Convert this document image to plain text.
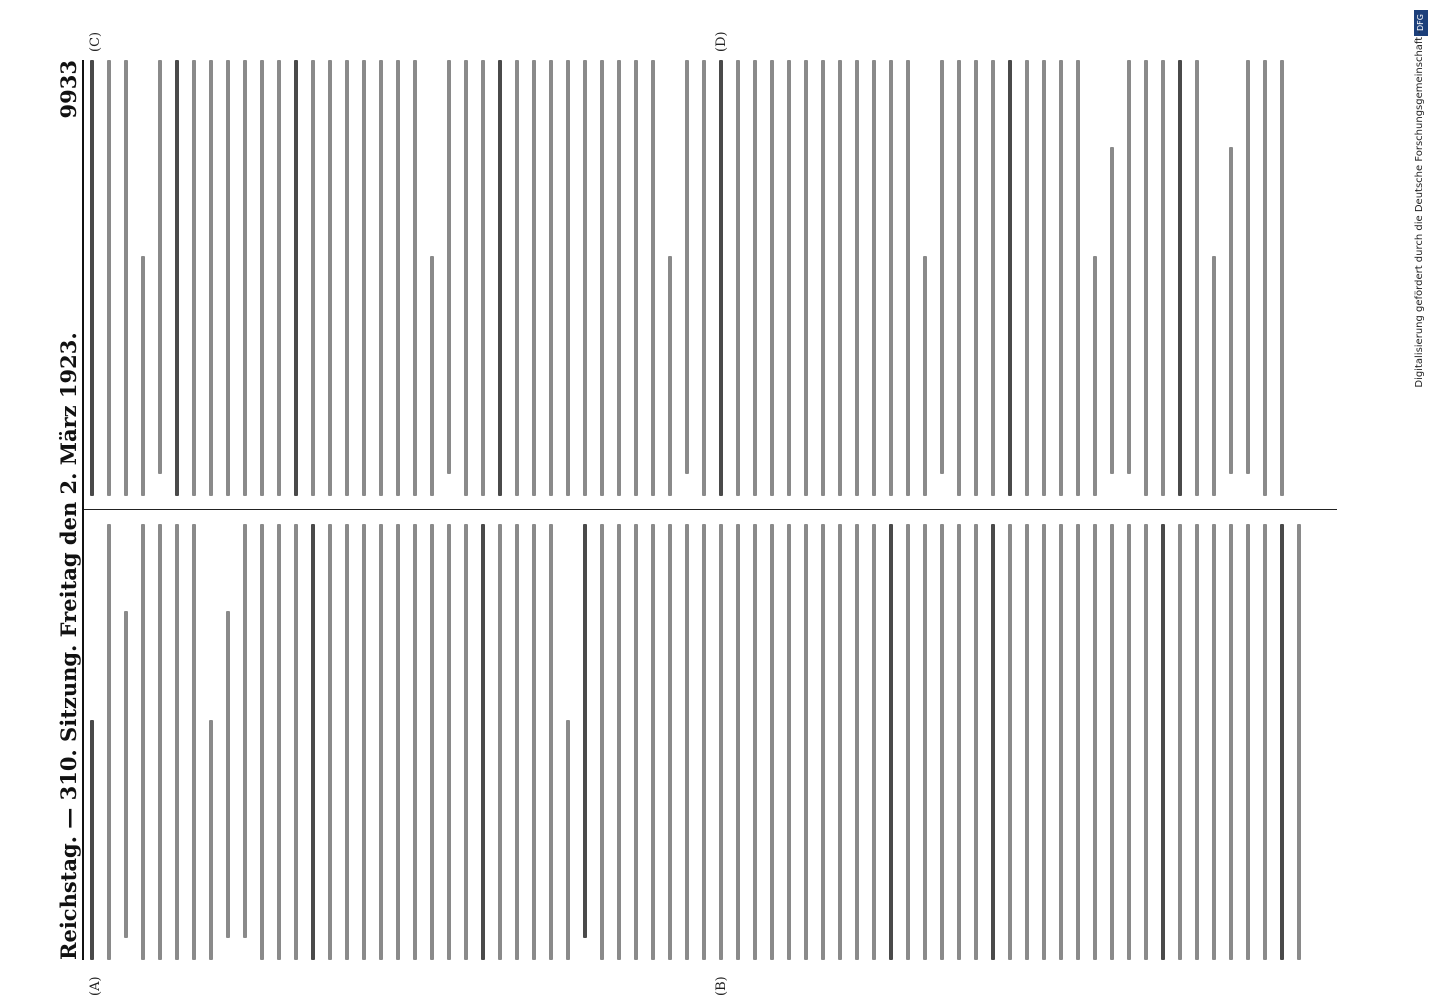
Reichstag. — 310. Sitzung. Freitag den 2. März 1923.
9933
(A)	(B)
(C)	(D)
DFG
Digitalisierung gefördert durch die Deutsche Forschungsgemeinschaft -
